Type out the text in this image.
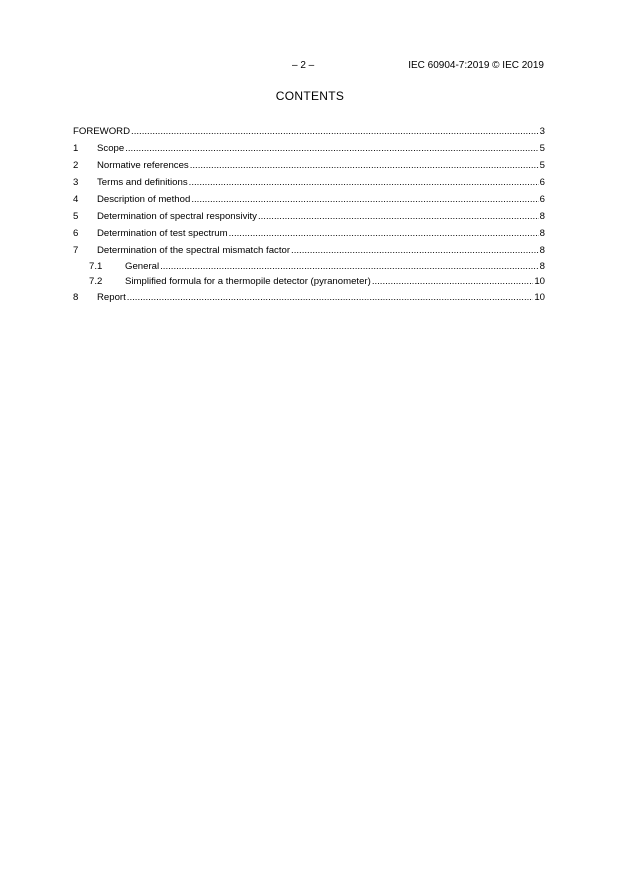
– 2 –	IEC 60904-7:2019 © IEC 2019
CONTENTS
FOREWORD .....	3
1	Scope .....	5
2	Normative references .....	5
3	Terms and definitions .....	6
4	Description of method .....	6
5	Determination of spectral responsivity .....	8
6	Determination of test spectrum .....	8
7	Determination of the spectral mismatch factor .....	8
7.1	General .....	8
7.2	Simplified formula for a thermopile detector (pyranometer) .....	10
8	Report .....	10
